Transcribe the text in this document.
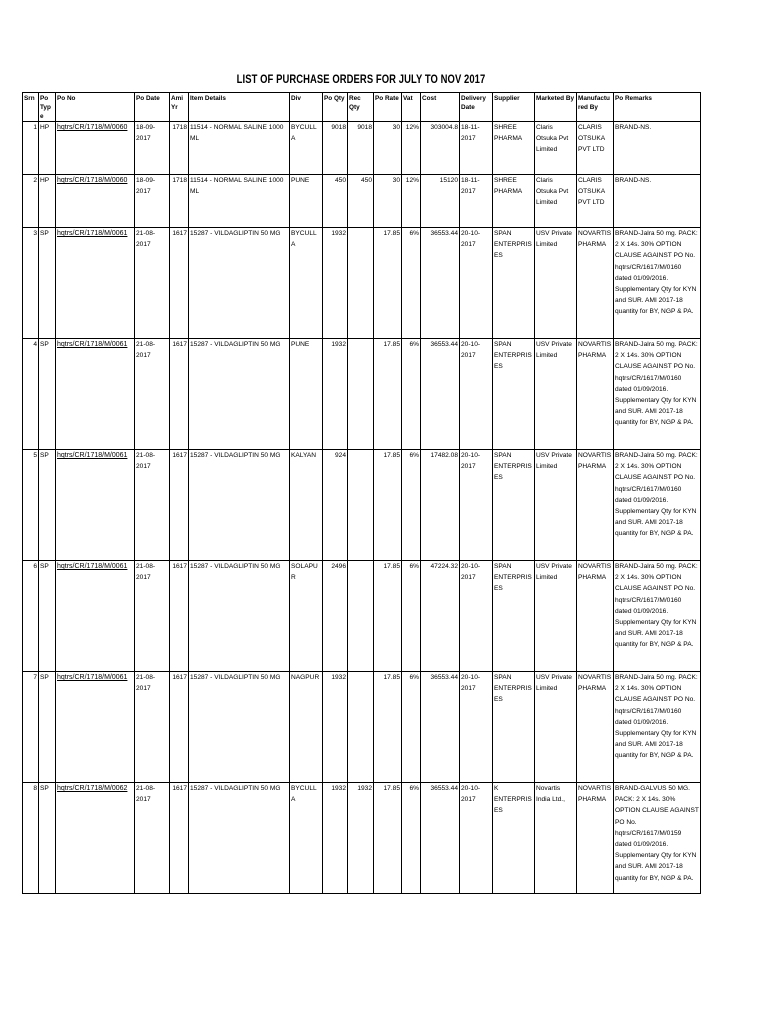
LIST OF PURCHASE ORDERS FOR JULY TO NOV 2017
Srn	Po Type	Po No	Po Date	Ami Yr	Item Details	Div	Po Qty	Rec Qty	Po Rate	Vat	Cost	Delivery Date	Supplier	Marketed By	Manufactured By	Po Remarks
1	HP	hqtrs/CR/1718/M/0060	18-09-2017	1718	11514 - NORMAL SALINE 1000 ML	BYCULLA	9018	9018	30	12%	303004.8	18-11-2017	SHREE PHARMA	Claris Otsuka Pvt Limited	CLARIS OTSUKA PVT LTD	BRAND-NS.
2	HP	hqtrs/CR/1718/M/0060	18-09-2017	1718	11514 - NORMAL SALINE 1000 ML	PUNE	450	450	30	12%	15120	18-11-2017	SHREE PHARMA	Claris Otsuka Pvt Limited	CLARIS OTSUKA PVT LTD	BRAND-NS.
3	SP	hqtrs/CR/1718/M/0061	21-08-2017	1617	15287 - VILDAGLIPTIN 50 MG	BYCULLA	1932		17.85	6%	36553.44	20-10-2017	SPAN ENTERPRISES	USV Private Limited	NOVARTIS PHARMA	BRAND-Jalra 50 mg. PACK: 2 X 14s. 30% OPTION CLAUSE AGAINST PO No. hqtrs/CR/1617/M/0160 dated 01/09/2016. Supplementary Qty for KYN and SUR. AMI 2017-18 quantity for BY, NGP & PA.
4	SP	hqtrs/CR/1718/M/0061	21-08-2017	1617	15287 - VILDAGLIPTIN 50 MG	PUNE	1932		17.85	6%	36553.44	20-10-2017	SPAN ENTERPRISES	USV Private Limited	NOVARTIS PHARMA	BRAND-Jalra 50 mg. PACK: 2 X 14s. 30% OPTION CLAUSE AGAINST PO No. hqtrs/CR/1617/M/0160 dated 01/09/2016. Supplementary Qty for KYN and SUR. AMI 2017-18 quantity for BY, NGP & PA.
5	SP	hqtrs/CR/1718/M/0061	21-08-2017	1617	15287 - VILDAGLIPTIN 50 MG	KALYAN	924		17.85	6%	17482.08	20-10-2017	SPAN ENTERPRISES	USV Private Limited	NOVARTIS PHARMA	BRAND-Jalra 50 mg. PACK: 2 X 14s. 30% OPTION CLAUSE AGAINST PO No. hqtrs/CR/1617/M/0160 dated 01/09/2016. Supplementary Qty for KYN and SUR. AMI 2017-18 quantity for BY, NGP & PA.
6	SP	hqtrs/CR/1718/M/0061	21-08-2017	1617	15287 - VILDAGLIPTIN 50 MG	SOLAPUR	2496		17.85	6%	47224.32	20-10-2017	SPAN ENTERPRISES	USV Private Limited	NOVARTIS PHARMA	BRAND-Jalra 50 mg. PACK: 2 X 14s. 30% OPTION CLAUSE AGAINST PO No. hqtrs/CR/1617/M/0160 dated 01/09/2016. Supplementary Qty for KYN and SUR. AMI 2017-18 quantity for BY, NGP & PA.
7	SP	hqtrs/CR/1718/M/0061	21-08-2017	1617	15287 - VILDAGLIPTIN 50 MG	NAGPUR	1932		17.85	6%	36553.44	20-10-2017	SPAN ENTERPRISES	USV Private Limited	NOVARTIS PHARMA	BRAND-Jalra 50 mg. PACK: 2 X 14s. 30% OPTION CLAUSE AGAINST PO No. hqtrs/CR/1617/M/0160 dated 01/09/2016. Supplementary Qty for KYN and SUR. AMI 2017-18 quantity for BY, NGP & PA.
8	SP	hqtrs/CR/1718/M/0062	21-08-2017	1617	15287 - VILDAGLIPTIN 50 MG	BYCULLA	1932	1932	17.85	6%	36553.44	20-10-2017	K ENTERPRISES	Novartis India Ltd.,	NOVARTIS PHARMA	BRAND-GALVUS 50 MG. PACK: 2 X 14s. 30% OPTION CLAUSE AGAINST PO No. hqtrs/CR/1617/M/0159 dated 01/09/2016. Supplementary Qty for KYN and SUR. AMI 2017-18 quantity for BY, NGP & PA.
